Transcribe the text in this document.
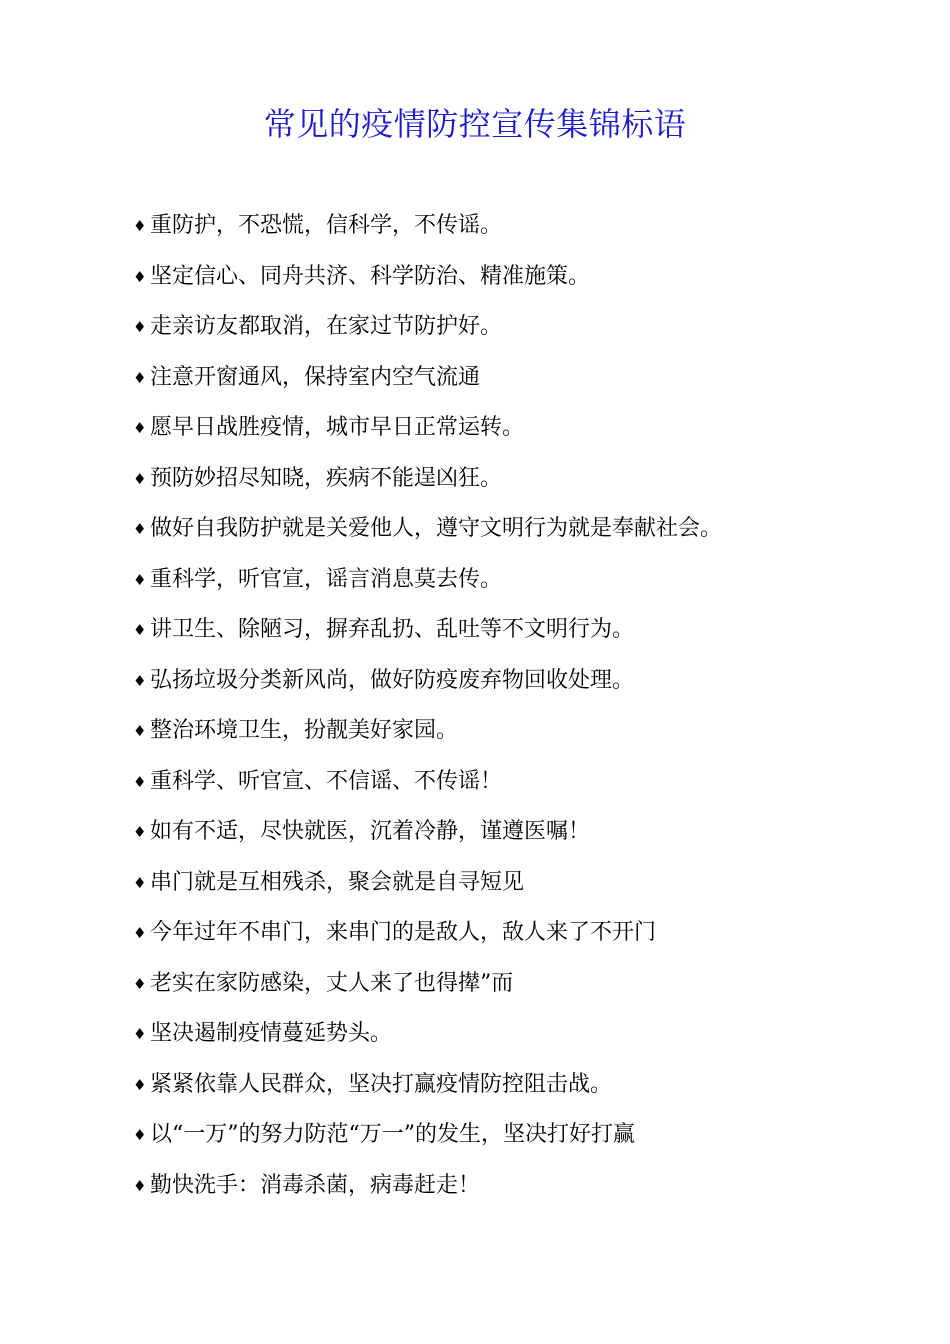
常见的疫情防控宣传集锦标语
♦ 重防护，不恐慌，信科学，不传谣。
♦ 坚定信心、同舟共济、科学防治、精准施策。
♦ 走亲访友都取消，在家过节防护好。
♦ 注意开窗通风，保持室内空气流通
♦ 愿早日战胜疫情，城市早日正常运转。
♦ 预防妙招尽知晓，疾病不能逞凶狂。
♦ 做好自我防护就是关爱他人，遵守文明行为就是奉献社会。
♦ 重科学，听官宣，谣言消息莫去传。
♦ 讲卫生、除陋习，摒弃乱扔、乱吐等不文明行为。
♦ 弘扬垃圾分类新风尚，做好防疫废弃物回收处理。
♦ 整治环境卫生，扮靓美好家园。
♦ 重科学、听官宣、不信谣、不传谣！
♦ 如有不适，尽快就医，沉着冷静，谨遵医嘱！
♦ 串门就是互相残杀，聚会就是自寻短见
♦ 今年过年不串门，来串门的是敌人，敌人来了不开门
♦ 老实在家防感染，丈人来了也得撵”而
♦ 坚决遏制疫情蔓延势头。
♦ 紧紧依靠人民群众，坚决打赢疫情防控阻击战。
♦ 以“一万”的努力防范“万一”的发生，坚决打好打赢
♦ 勤快洗手：消毒杀菌，病毒赶走！
